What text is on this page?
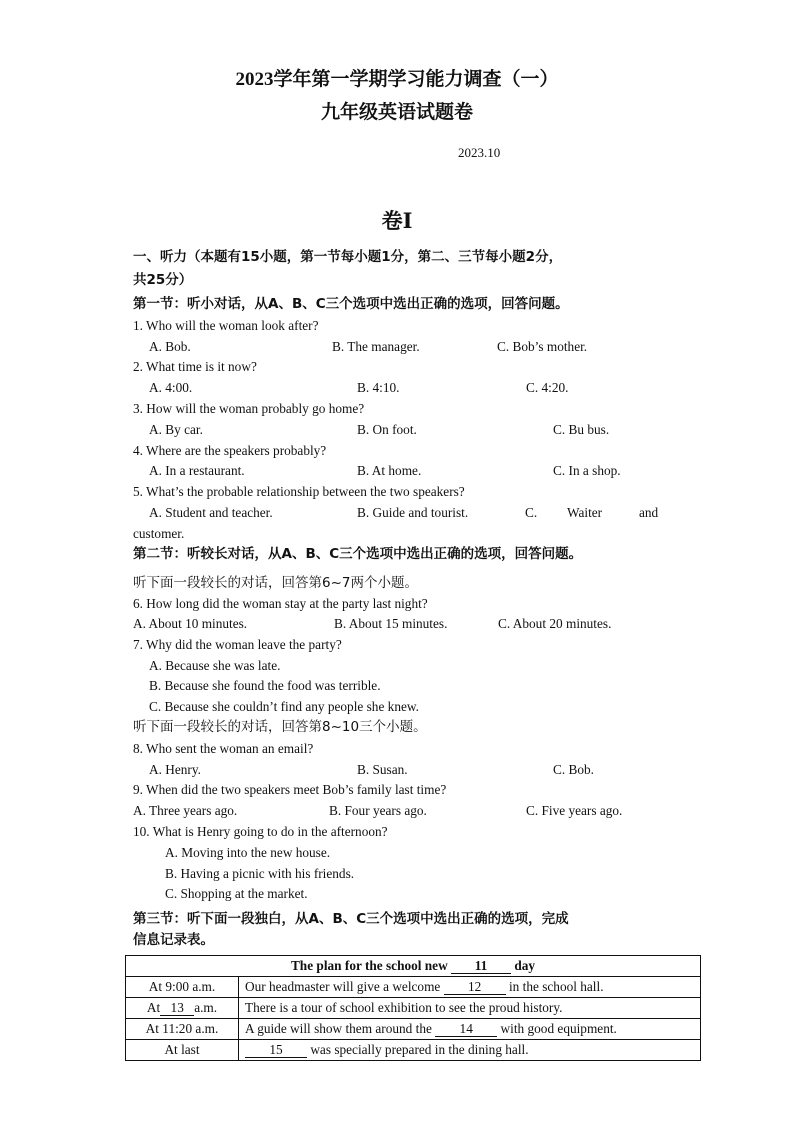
2023学年第一学期学习能力调查（一）
九年级英语试题卷
2023.10
卷Ⅰ
一、听力（本题有15小题，第一节每小题1分，第二、三节每小题2分，
共25分）
第一节：听小对话，从A、B、C三个选项中选出正确的选项，回答问题。
1. Who will the woman look after?
A. Bob.	B. The manager.	C. Bob’s mother.
2. What time is it now?
A. 4:00.	B. 4:10.	C. 4:20.
3. How will the woman probably go home?
A. By car.	B. On foot.	C. Bu bus.
4. Where are the speakers probably?
A. In a restaurant.	B. At home.	C. In a shop.
5. What’s the probable relationship between the two speakers?
A. Student and teacher.	B. Guide and tourist.	C. Waiter	and
customer.
第二节：听较长对话，从A、B、C三个选项中选出正确的选项，回答问题。
听下面一段较长的对话，回答第6~7两个小题。
6. How long did the woman stay at the party last night?
A. About 10 minutes.	B. About 15 minutes.	C. About 20 minutes.
7. Why did the woman leave the party?
A. Because she was late.
B. Because she found the food was terrible.
C. Because she couldn’t find any people she knew.
听下面一段较长的对话，回答第8~10三个小题。
8. Who sent the woman an email?
A. Henry.	B. Susan.	C. Bob.
9. When did the two speakers meet Bob’s family last time?
A. Three years ago.	B. Four years ago.	C. Five years ago.
10. What is Henry going to do in the afternoon?
A. Moving into the new house.
B. Having a picnic with his friends.
C. Shopping at the market.
第三节：听下面一段独白，从A、B、C三个选项中选出正确的选项，完成
信息记录表。
The plan for the school new 11 day	
At 9:00 a.m.	Our headmaster will give a welcome 12 in the school hall.
At 13 a.m.	There is a tour of school exhibition to see the proud history.
At 11:20 a.m.	A guide will show them around the 14 with good equipment.
At last	15 was specially prepared in the dining hall.
